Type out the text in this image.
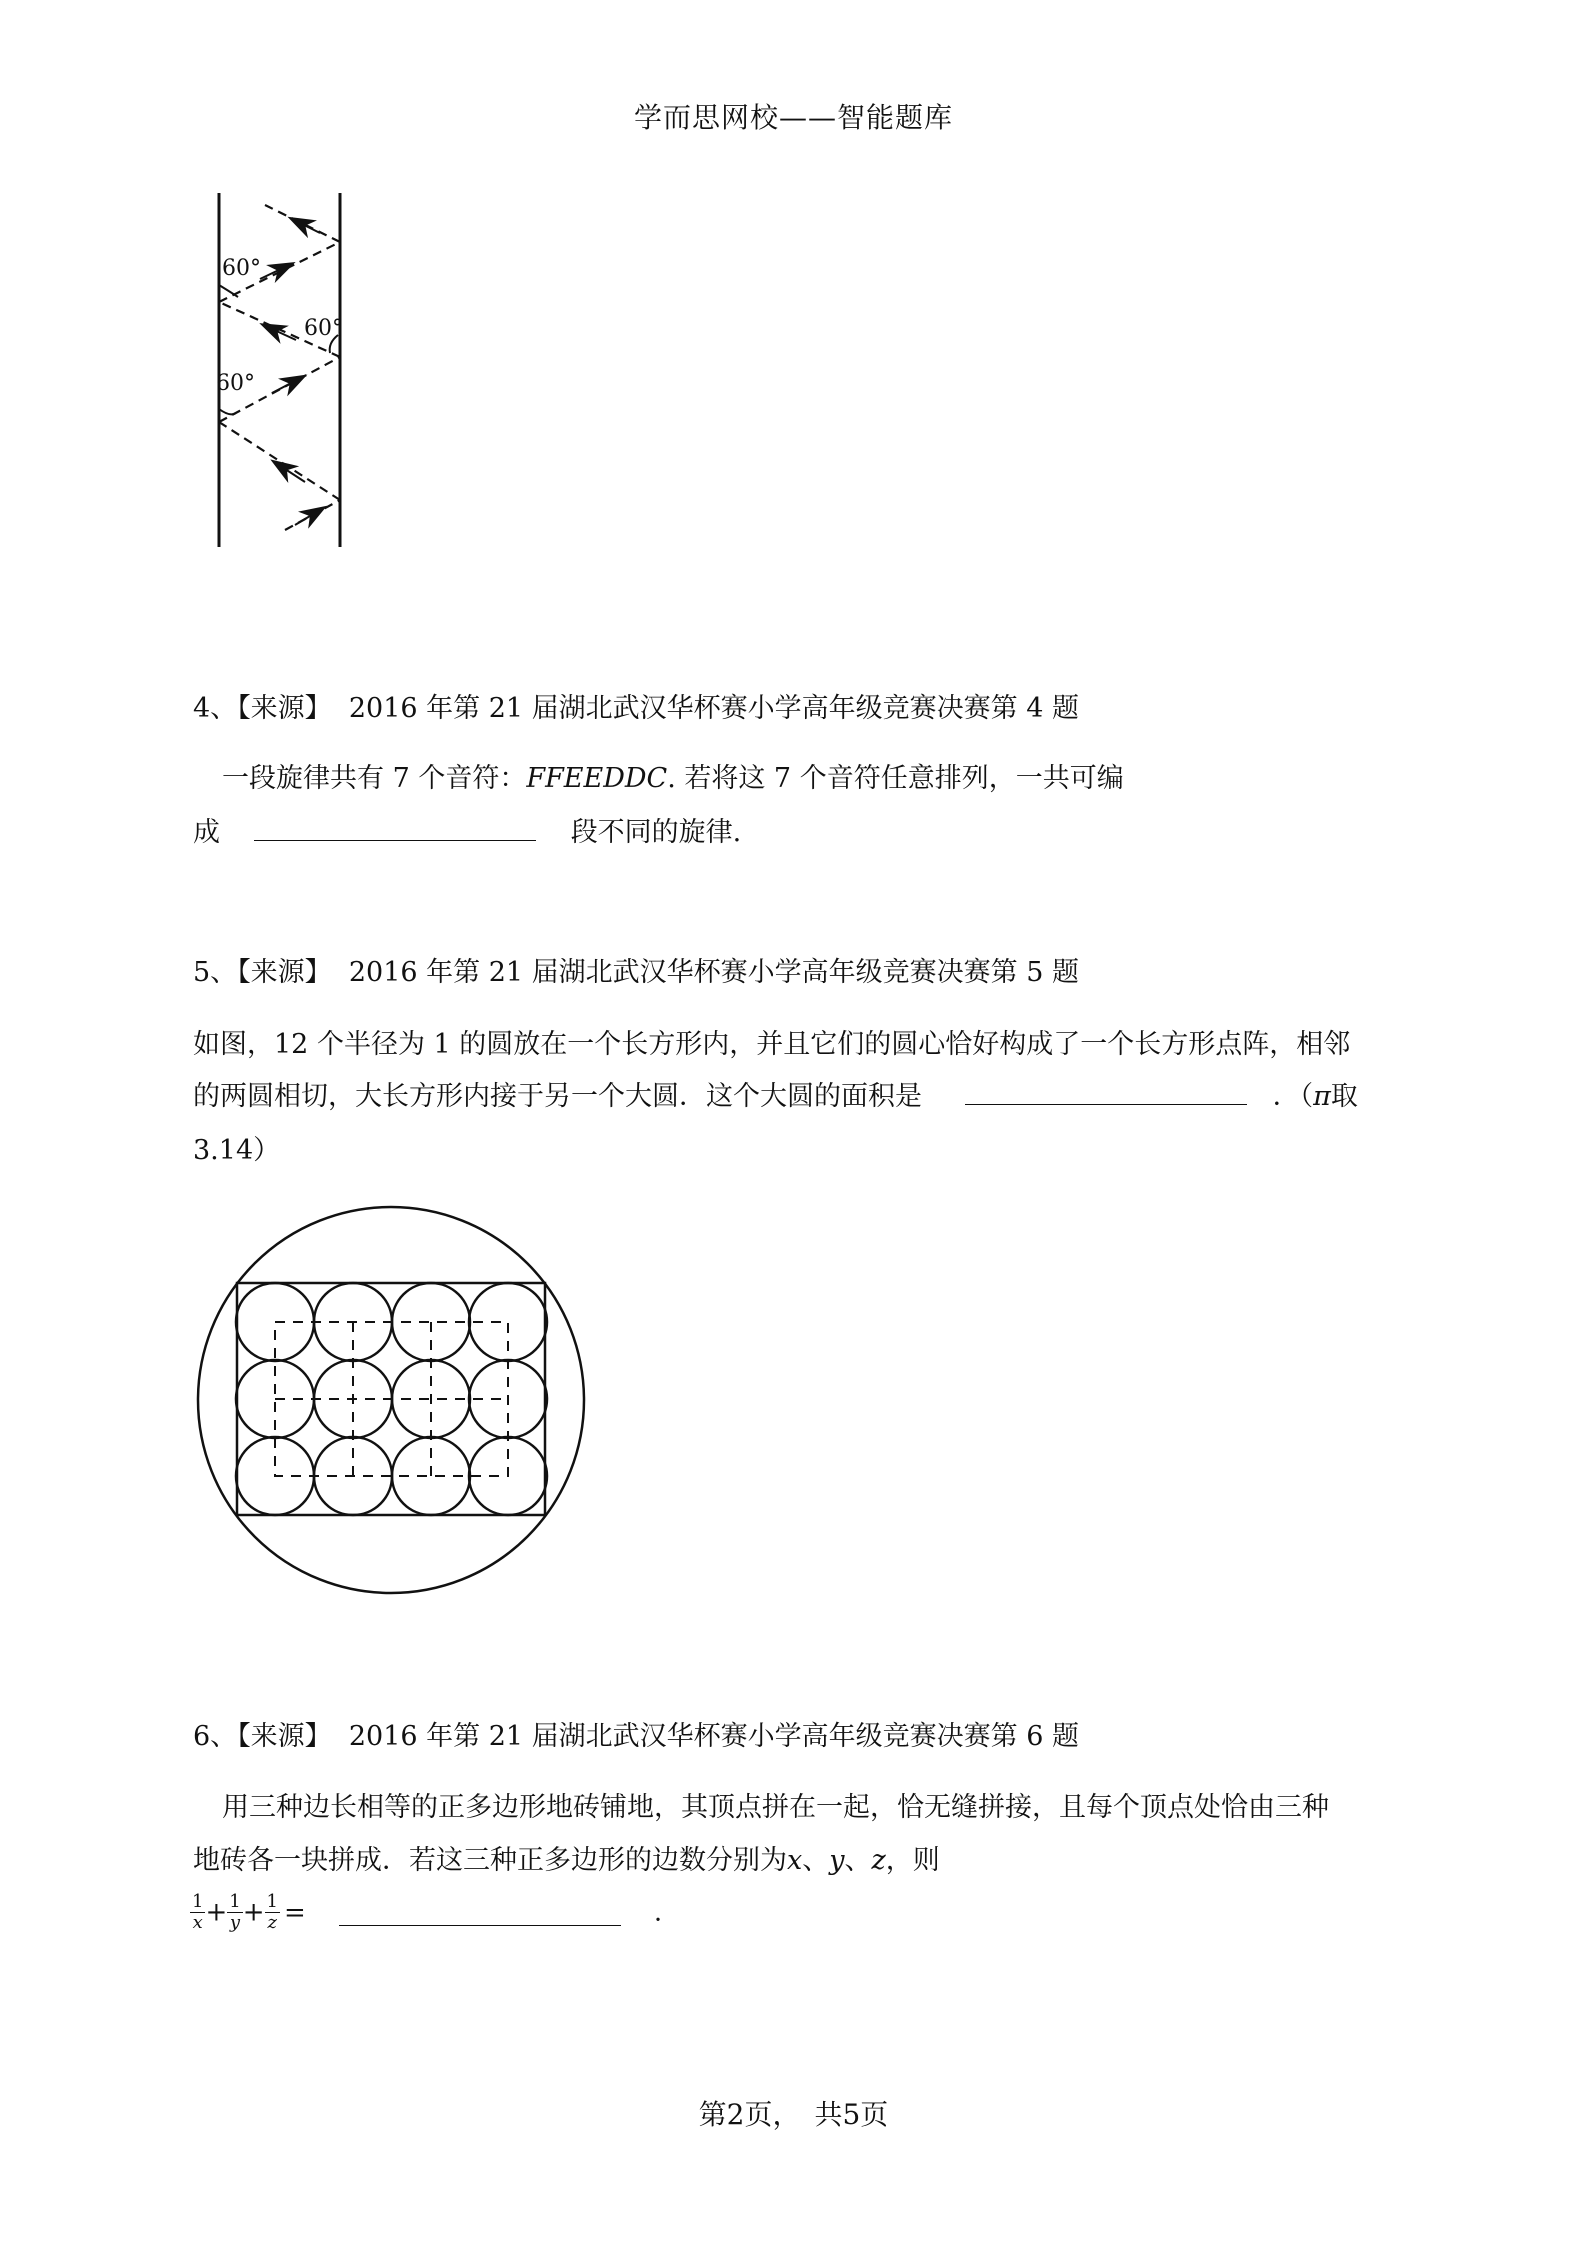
学而思网校——智能题库
60°
60°
60°
4、【来源】 2016 年第 21 届湖北武汉华杯赛小学高年级竞赛决赛第 4 题
一段旋律共有 7 个音符：FFEEDDC. 若将这 7 个音符任意排列，一共可编
成	段不同的旋律.
5、【来源】 2016 年第 21 届湖北武汉华杯赛小学高年级竞赛决赛第 5 题
如图，12 个半径为 1 的圆放在一个长方形内，并且它们的圆心恰好构成了一个长方形点阵，相邻
的两圆相切，大长方形内接于另一个大圆．这个大圆的面积是	．（π取
3.14）
6、【来源】 2016 年第 21 届湖北武汉华杯赛小学高年级竞赛决赛第 6 题
用三种边长相等的正多边形地砖铺地，其顶点拼在一起，恰无缝拼接，且每个顶点处恰由三种
地砖各一块拼成．若这三种正多边形的边数分别为x、y、z，则
$\frac{1}{x} + \frac{1}{y} + \frac{1}{z}$ =	.
第2页，　共5页
